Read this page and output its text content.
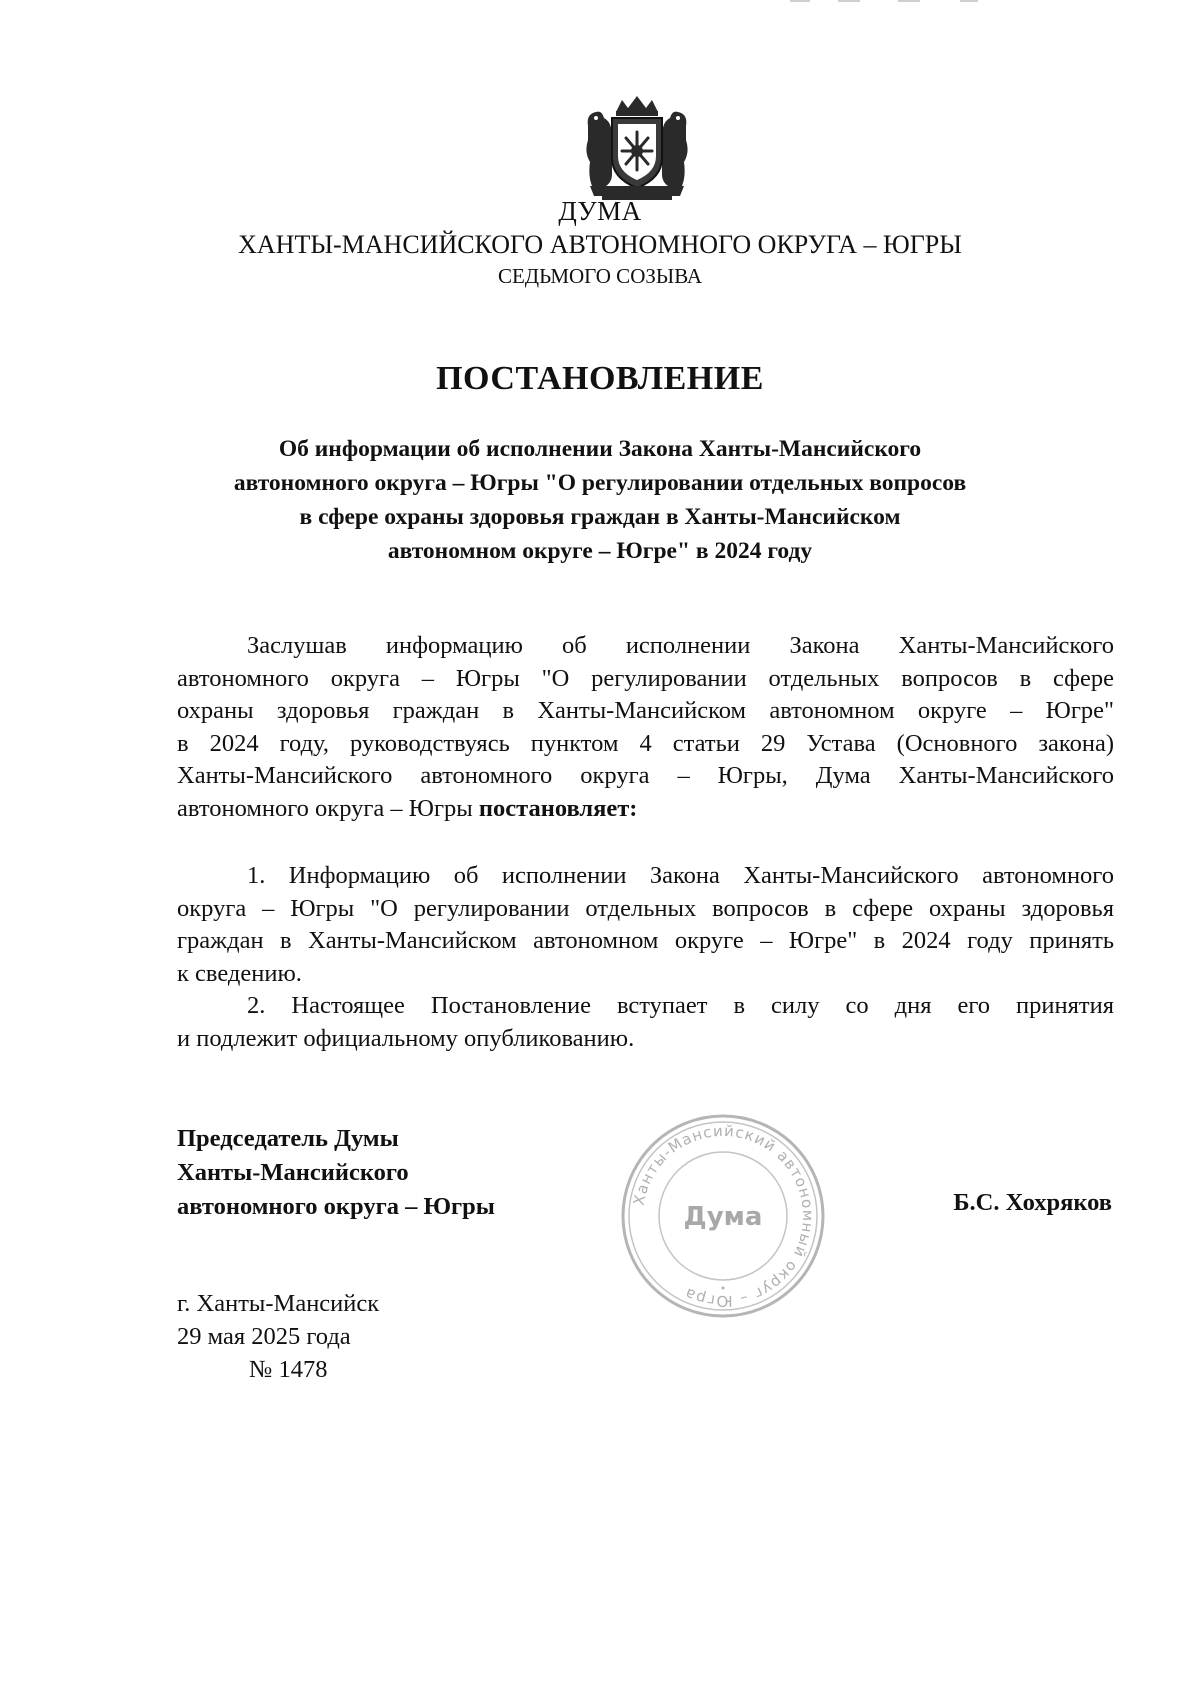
ДУМА
ХАНТЫ-МАНСИЙСКОГО АВТОНОМНОГО ОКРУГА – ЮГРЫ
СЕДЬМОГО СОЗЫВА
ПОСТАНОВЛЕНИЕ
Об информации об исполнении Закона Ханты-Мансийского
автономного округа – Югры "О регулировании отдельных вопросов
в сфере охраны здоровья граждан в Ханты-Мансийском
автономном округе – Югре" в 2024 году
Заслушав информацию об исполнении Закона Ханты-Мансийского
автономного округа – Югры "О регулировании отдельных вопросов в сфере
охраны здоровья граждан в Ханты-Мансийском автономном округе – Югре"
в 2024 году, руководствуясь пунктом 4 статьи 29 Устава (Основного закона)
Ханты-Мансийского автономного округа – Югры, Дума Ханты-Мансийского
автономного округа – Югры постановляет:
1. Информацию об исполнении Закона Ханты-Мансийского автономного
округа – Югры "О регулировании отдельных вопросов в сфере охраны здоровья
граждан в Ханты-Мансийском автономном округе – Югре" в 2024 году принять
к сведению.
2. Настоящее Постановление вступает в силу со дня его принятия
и подлежит официальному опубликованию.
Председатель Думы
Ханты-Мансийского
автономного округа – Югры	Ханты-Мансийский автономный округ – Югра
Дума	Б.С. Хохряков
г. Ханты-Мансийск
29 мая 2025 года
№ 1478
